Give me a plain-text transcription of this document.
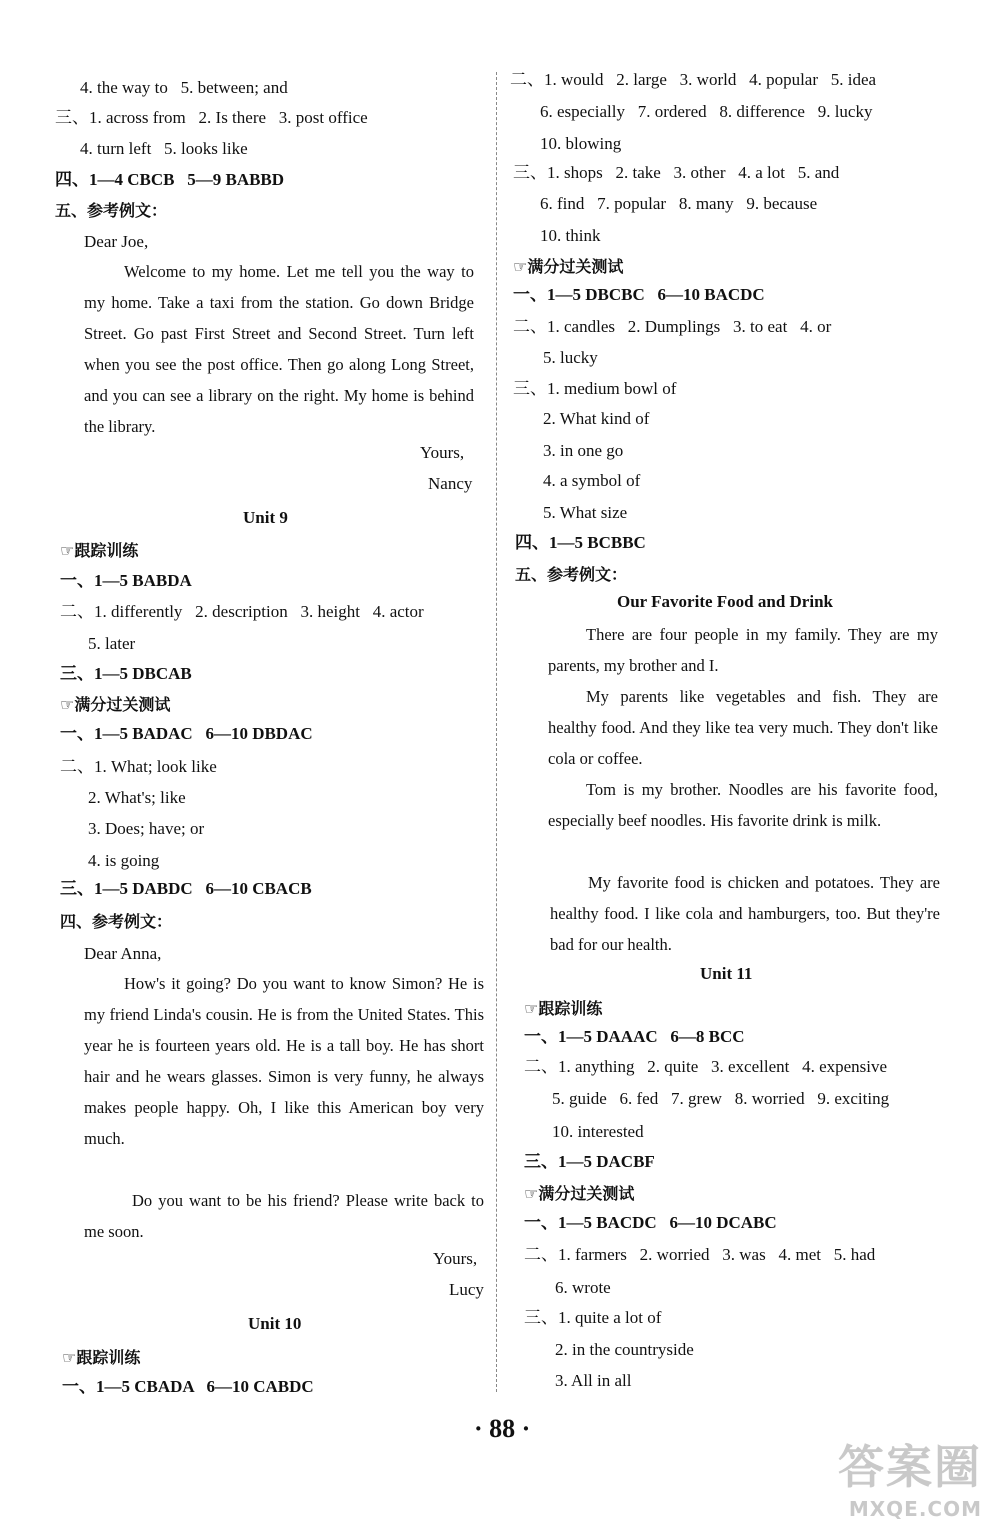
4. the way to   5. between; and
三、1. across from   2. Is there   3. post office
4. turn left   5. looks like
四、1—4 CBCB   5—9 BABBD
五、参考例文：
Dear Joe,
Welcome to my home. Let me tell you the way to my home. Take a taxi from the station. Go down Bridge Street. Go past First Street and Second Street. Turn left when you see the post office. Then go along Long Street, and you can see a library on the right. My home is behind the library.
Yours,
Nancy
Unit 9
☞跟踪训练
一、1—5 BABDA
二、1. differently   2. description   3. height   4. actor
5. later
三、1—5 DBCAB
☞满分过关测试
一、1—5 BADAC   6—10 DBDAC
二、1. What; look like
2. What's; like
3. Does; have; or
4. is going
三、1—5 DABDC   6—10 CBACB
四、参考例文：
Dear Anna,
How's it going? Do you want to know Simon? He is my friend Linda's cousin. He is from the United States. This year he is fourteen years old. He is a tall boy. He has short hair and he wears glasses. Simon is very funny, he always makes people happy. Oh, I like this American boy very much.
Do you want to be his friend? Please write back to me soon.
Yours,
Lucy
Unit 10
☞跟踪训练
一、1—5 CBADA   6—10 CABDC
二、1. would   2. large   3. world   4. popular   5. idea
6. especially   7. ordered   8. difference   9. lucky
10. blowing
三、1. shops   2. take   3. other   4. a lot   5. and
6. find   7. popular   8. many   9. because
10. think
☞满分过关测试
一、1—5 DBCBC   6—10 BACDC
二、1. candles   2. Dumplings   3. to eat   4. or
5. lucky
三、1. medium bowl of
2. What kind of
3. in one go
4. a symbol of
5. What size
四、1—5 BCBBC
五、参考例文：
Our Favorite Food and Drink
There are four people in my family. They are my parents, my brother and I.
My parents like vegetables and fish. They are healthy food. And they like tea very much. They don't like cola or coffee.
Tom is my brother. Noodles are his favorite food, especially beef noodles. His favorite drink is milk.
My favorite food is chicken and potatoes. They are healthy food. I like cola and hamburgers, too. But they're bad for our health.
Unit 11
☞跟踪训练
一、1—5 DAAAC   6—8 BCC
二、1. anything   2. quite   3. excellent   4. expensive
5. guide   6. fed   7. grew   8. worried   9. exciting
10. interested
三、1—5 DACBF
☞满分过关测试
一、1—5 BACDC   6—10 DCABC
二、1. farmers   2. worried   3. was   4. met   5. had
6. wrote
三、1. quite a lot of
2. in the countryside
3. All in all
· 88 ·
答案圈
MXQE.COM
